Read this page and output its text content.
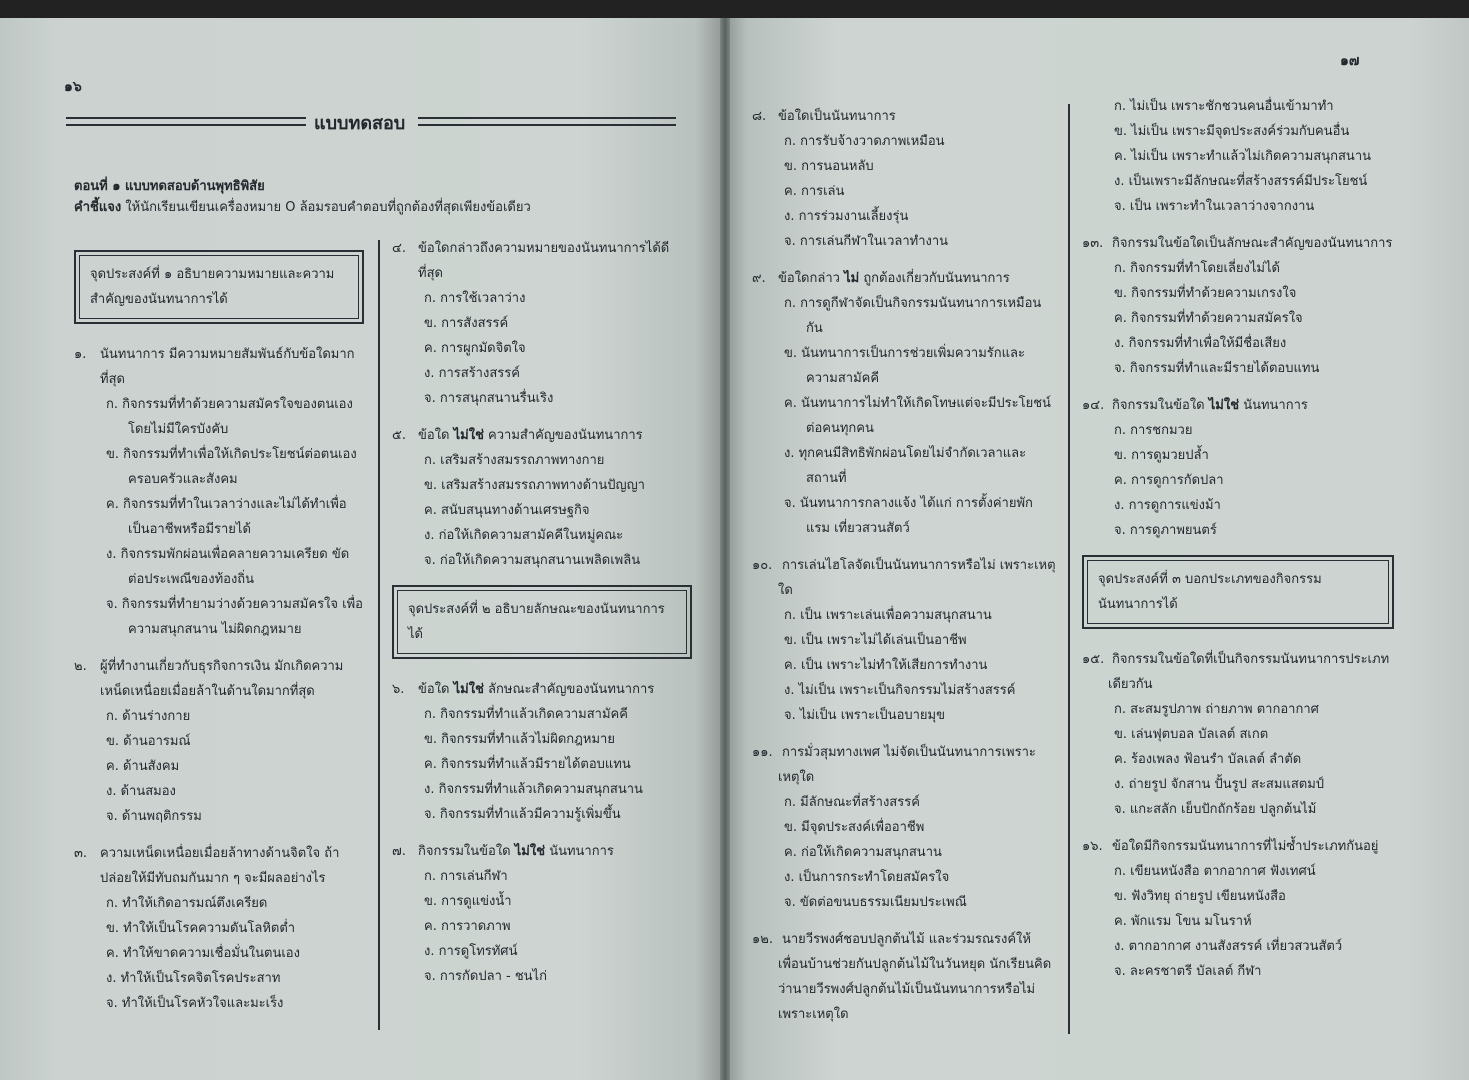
๑๖
๑๗
แบบทดสอบ
ตอนที่ ๑ แบบทดสอบด้านพุทธิพิสัย
คำชี้แจง ให้นักเรียนเขียนเครื่องหมาย O ล้อมรอบคำตอบที่ถูกต้องที่สุดเพียงข้อเดียว
จุดประสงค์ที่ ๑ อธิบายความหมายและความสำคัญของนันทนาการได้
๑. นันทนาการ มีความหมายสัมพันธ์กับข้อใดมากที่สุด
ก. กิจกรรมที่ทำด้วยความสมัครใจของตนเอง โดยไม่มีใครบังคับ
ข. กิจกรรมที่ทำเพื่อให้เกิดประโยชน์ต่อตนเอง ครอบครัวและสังคม
ค. กิจกรรมที่ทำในเวลาว่างและไม่ได้ทำเพื่อ เป็นอาชีพหรือมีรายได้
ง. กิจกรรมพักผ่อนเพื่อคลายความเครียด ขัดต่อประเพณีของท้องถิ่น
จ. กิจกรรมที่ทำยามว่างด้วยความสมัครใจ เพื่อ ความสนุกสนาน ไม่ผิดกฎหมาย
๒. ผู้ที่ทำงานเกี่ยวกับธุรกิจการเงิน มักเกิดความเหน็ดเหนื่อยเมื่อยล้าในด้านใดมากที่สุด
ก. ด้านร่างกาย
ข. ด้านอารมณ์
ค. ด้านสังคม
ง. ด้านสมอง
จ. ด้านพฤติกรรม
๓. ความเหน็ดเหนื่อยเมื่อยล้าทางด้านจิตใจ ถ้าปล่อยให้มีทับถมกันมาก ๆ จะมีผลอย่างไร
ก. ทำให้เกิดอารมณ์ตึงเครียด
ข. ทำให้เป็นโรคความดันโลหิตต่ำ
ค. ทำให้ขาดความเชื่อมั่นในตนเอง
ง. ทำให้เป็นโรคจิตโรคประสาท
จ. ทำให้เป็นโรคหัวใจและมะเร็ง
๔. ข้อใดกล่าวถึงความหมายของนันทนาการได้ดีที่สุด
ก. การใช้เวลาว่าง
ข. การสังสรรค์
ค. การผูกมัดจิตใจ
ง. การสร้างสรรค์
จ. การสนุกสนานรื่นเริง
๕. ข้อใด ไม่ใช่ ความสำคัญของนันทนาการ
ก. เสริมสร้างสมรรถภาพทางกาย
ข. เสริมสร้างสมรรถภาพทางด้านปัญญา
ค. สนับสนุนทางด้านเศรษฐกิจ
ง. ก่อให้เกิดความสามัคคีในหมู่คณะ
จ. ก่อให้เกิดความสนุกสนานเพลิดเพลิน
จุดประสงค์ที่ ๒ อธิบายลักษณะของนันทนาการได้
๖. ข้อใด ไม่ใช่ ลักษณะสำคัญของนันทนาการ
ก. กิจกรรมที่ทำแล้วเกิดความสามัคคี
ข. กิจกรรมที่ทำแล้วไม่ผิดกฎหมาย
ค. กิจกรรมที่ทำแล้วมีรายได้ตอบแทน
ง. กิจกรรมที่ทำแล้วเกิดความสนุกสนาน
จ. กิจกรรมที่ทำแล้วมีความรู้เพิ่มขึ้น
๗. กิจกรรมในข้อใด ไม่ใช่ นันทนาการ
ก. การเล่นกีฬา
ข. การดูแข่งน้ำ
ค. การวาดภาพ
ง. การดูโทรทัศน์
จ. การกัดปลา - ชนไก่
๘. ข้อใดเป็นนันทนาการ
ก. การรับจ้างวาดภาพเหมือน
ข. การนอนหลับ
ค. การเล่น
ง. การร่วมงานเลี้ยงรุ่น
จ. การเล่นกีฬาในเวลาทำงาน
๙. ข้อใดกล่าว ไม่ ถูกต้องเกี่ยวกับนันทนาการ
ก. การดูกีฬาจัดเป็นกิจกรรมนันทนาการเหมือนกัน
ข. นันทนาการเป็นการช่วยเพิ่มความรักและความสามัคคี
ค. นันทนาการไม่ทำให้เกิดโทษแต่จะมีประโยชน์ต่อคนทุกคน
ง. ทุกคนมีสิทธิพักผ่อนโดยไม่จำกัดเวลาและสถานที่
จ. นันทนาการกลางแจ้ง ได้แก่ การตั้งค่ายพักแรม เที่ยวสวนสัตว์
๑๐. การเล่นไฮโลจัดเป็นนันทนาการหรือไม่ เพราะเหตุใด
ก. เป็น เพราะเล่นเพื่อความสนุกสนาน
ข. เป็น เพราะไม่ได้เล่นเป็นอาชีพ
ค. เป็น เพราะไม่ทำให้เสียการทำงาน
ง. ไม่เป็น เพราะเป็นกิจกรรมไม่สร้างสรรค์
จ. ไม่เป็น เพราะเป็นอบายมุข
๑๑. การมั่วสุมทางเพศ ไม่จัดเป็นนันทนาการเพราะเหตุใด
ก. มีลักษณะที่สร้างสรรค์
ข. มีจุดประสงค์เพื่ออาชีพ
ค. ก่อให้เกิดความสนุกสนาน
ง. เป็นการกระทำโดยสมัครใจ
จ. ขัดต่อขนบธรรมเนียมประเพณี
๑๒. นายวีรพงศ์ชอบปลูกต้นไม้ และร่วมรณรงค์ให้เพื่อนบ้านช่วยกันปลูกต้นไม้ในวันหยุด นักเรียนคิดว่านายวีรพงศ์ปลูกต้นไม้เป็นนันทนาการหรือไม่เพราะเหตุใด
ก. ไม่เป็น เพราะชักชวนคนอื่นเข้ามาทำ
ข. ไม่เป็น เพราะมีจุดประสงค์ร่วมกับคนอื่น
ค. ไม่เป็น เพราะทำแล้วไม่เกิดความสนุกสนาน
ง. เป็นเพราะมีลักษณะที่สร้างสรรค์มีประโยชน์
จ. เป็น เพราะทำในเวลาว่างจากงาน
๑๓. กิจกรรมในข้อใดเป็นลักษณะสำคัญของนันทนาการ
ก. กิจกรรมที่ทำโดยเลี่ยงไม่ได้
ข. กิจกรรมที่ทำด้วยความเกรงใจ
ค. กิจกรรมที่ทำด้วยความสมัครใจ
ง. กิจกรรมที่ทำเพื่อให้มีชื่อเสียง
จ. กิจกรรมที่ทำและมีรายได้ตอบแทน
๑๔. กิจกรรมในข้อใด ไม่ใช่ นันทนาการ
ก. การชกมวย
ข. การดูมวยปล้ำ
ค. การดูการกัดปลา
ง. การดูการแข่งม้า
จ. การดูภาพยนตร์
จุดประสงค์ที่ ๓ บอกประเภทของกิจกรรมนันทนาการได้
๑๕. กิจกรรมในข้อใดที่เป็นกิจกรรมนันทนาการประเภทเดียวกัน
ก. สะสมรูปภาพ ถ่ายภาพ ตากอากาศ
ข. เล่นฟุตบอล บัลเลต์ สเกต
ค. ร้องเพลง ฟ้อนรำ บัลเลต์ ลำตัด
ง. ถ่ายรูป จักสาน ปั้นรูป สะสมแสตมป์
จ. แกะสลัก เย็บปักถักร้อย ปลูกต้นไม้
๑๖. ข้อใดมีกิจกรรมนันทนาการที่ไม่ซ้ำประเภทกันอยู่
ก. เขียนหนังสือ ตากอากาศ ฟังเทศน์
ข. ฟังวิทยุ ถ่ายรูป เขียนหนังสือ
ค. พักแรม โขน มโนราห์
ง. ตากอากาศ งานสังสรรค์ เที่ยวสวนสัตว์
จ. ละครชาตรี บัลเลต์ กีฬา
